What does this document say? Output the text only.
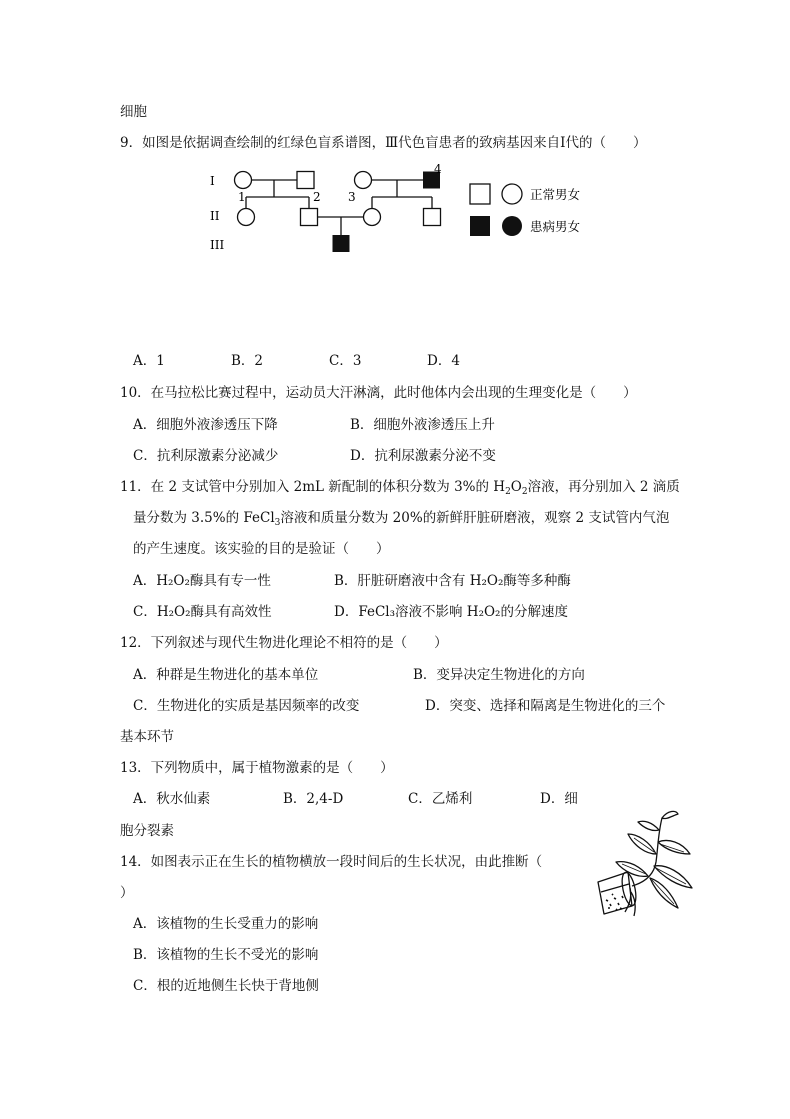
细胞
9．如图是依据调查绘制的红绿色盲系谱图，Ⅲ代色盲患者的致病基因来自Ⅰ代的（　　）
I
II
III
1	2 3
4
正常男女
患病男女
A．1	B．2	C．3	D．4
10．在马拉松比赛过程中，运动员大汗淋漓，此时他体内会出现的生理变化是（　　）
A．细胞外液渗透压下降	B．细胞外液渗透压上升
C．抗利尿激素分泌减少	D．抗利尿激素分泌不变
11．在 2 支试管中分别加入 2mL 新配制的体积分数为 3%的 $H_2O_2$溶液，再分别加入 2 滴质
量分数为 3.5%的 FeCl$_3$溶液和质量分数为 20%的新鲜肝脏研磨液，观察 2 支试管内气泡
的产生速度。该实验的目的是验证（　　）
A．H₂O₂酶具有专一性	B．肝脏研磨液中含有 H₂O₂酶等多种酶
C．H₂O₂酶具有高效性	D．FeCl₃溶液不影响 H₂O₂的分解速度
12．下列叙述与现代生物进化理论不相符的是（　　）
A．种群是生物进化的基本单位	B．变异决定生物进化的方向
C．生物进化的实质是基因频率的改变	D．突变、选择和隔离是生物进化的三个
基本环节
13．下列物质中，属于植物激素的是（　　）
A．秋水仙素	B．2,4-D	C．乙烯利	D．细
胞分裂素
14．如图表示正在生长的植物横放一段时间后的生长状况，由此推断（
）
A．该植物的生长受重力的影响
B．该植物的生长不受光的影响
C．根的近地侧生长快于背地侧
